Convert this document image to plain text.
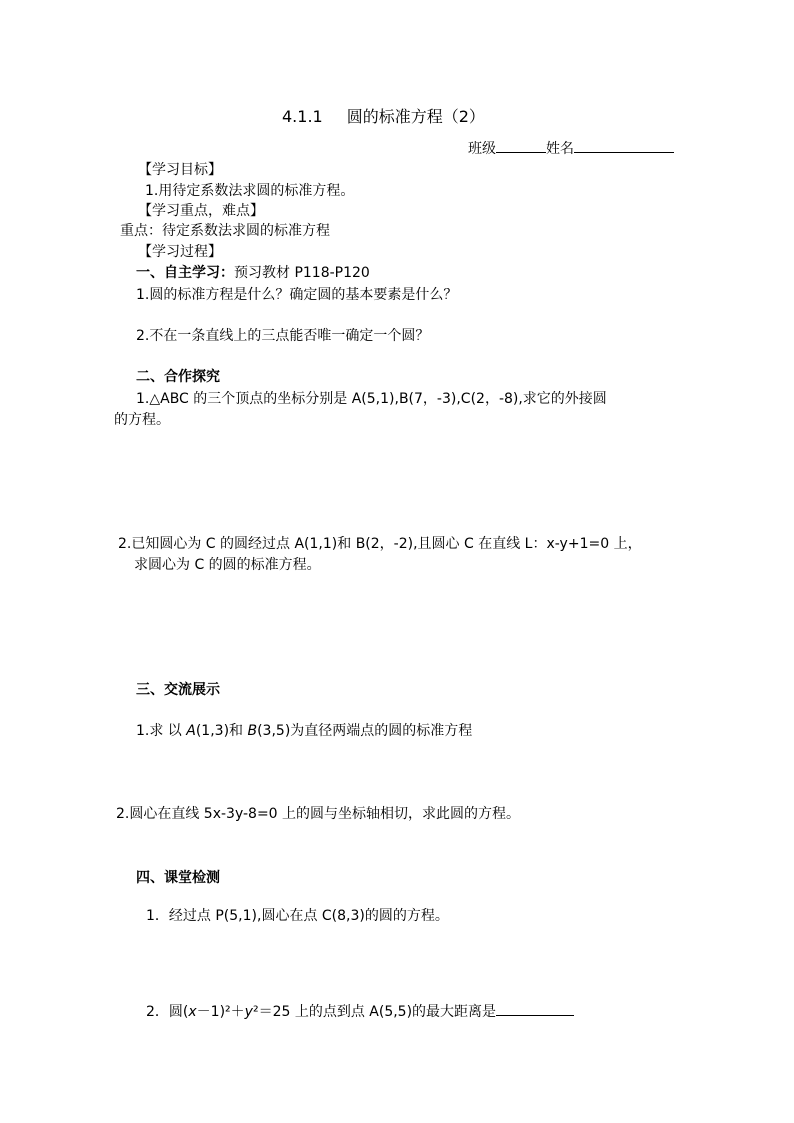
4.1.1 圆的标准方程（2）
班级	姓名
【学习目标】
1.用待定系数法求圆的标准方程。
【学习重点，难点】
重点：待定系数法求圆的标准方程
【学习过程】
一、自主学习：预习教材 P118-P120
1.圆的标准方程是什么？确定圆的基本要素是什么？
2.不在一条直线上的三点能否唯一确定一个圆？
二、合作探究
1.△ABC 的三个顶点的坐标分别是 A(5,1),B(7，-3),C(2，-8),求它的外接圆
的方程。
2.已知圆心为 C 的圆经过点 A(1,1)和 B(2，-2),且圆心 C 在直线 L：x-y+1=0 上，
求圆心为 C 的圆的标准方程。
三、交流展示
1.求 以 A(1,3)和 B(3,5)为直径两端点的圆的标准方程
2.圆心在直线 5x-3y-8=0 上的圆与坐标轴相切，求此圆的方程。
四、课堂检测
1．经过点 P(5,1),圆心在点 C(8,3)的圆的方程。
2．圆(x－1)²＋y²＝25 上的点到点 A(5,5)的最大距离是
